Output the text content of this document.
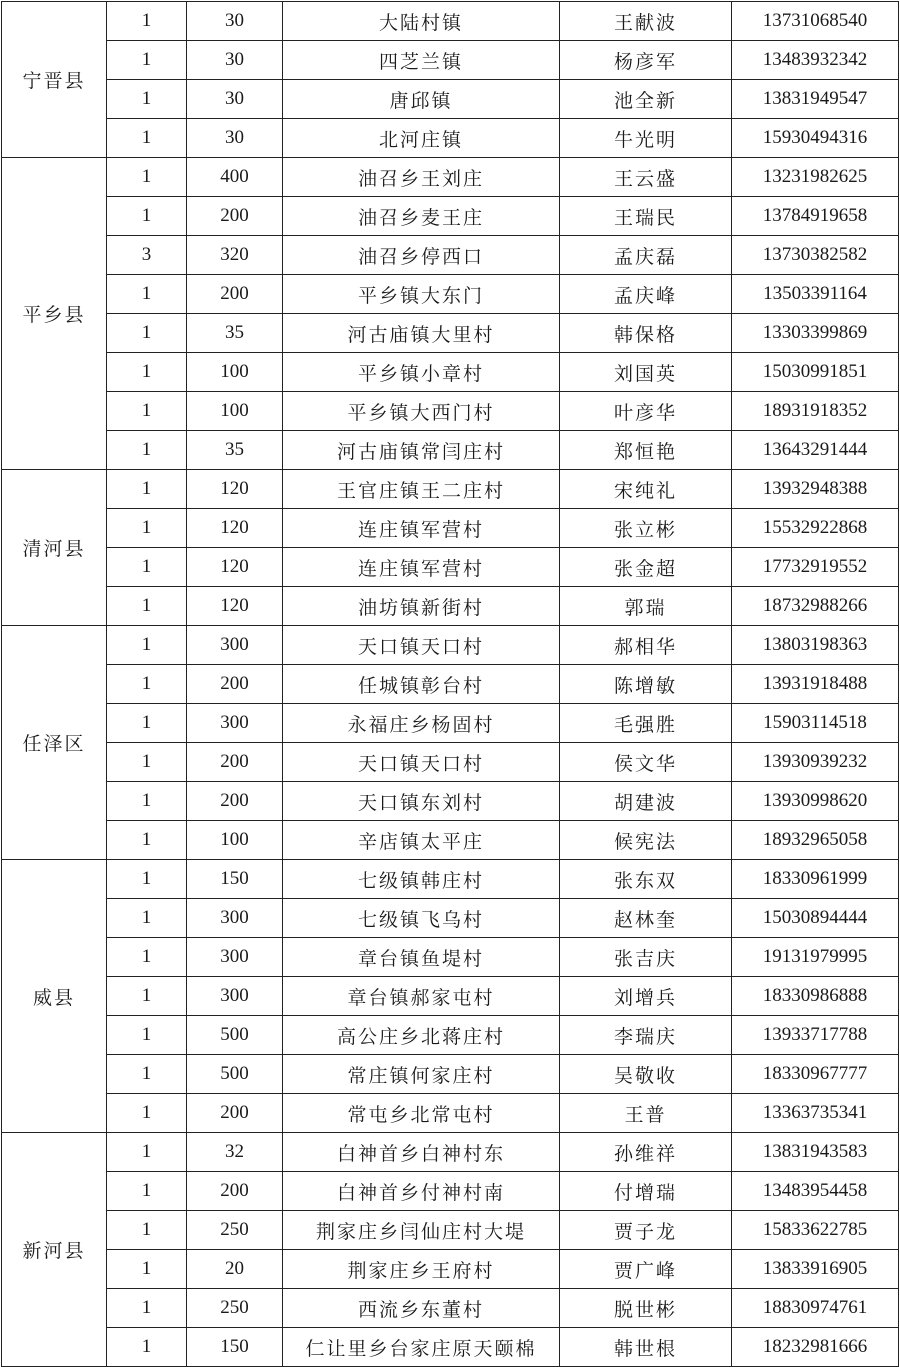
宁晋县	1	30	大陆村镇	王献波	13731068540
	1	30	四芝兰镇	杨彦军	13483932342
	1	30	唐邱镇	池全新	13831949547
	1	30	北河庄镇	牛光明	15930494316
平乡县	1	400	油召乡王刘庄	王云盛	13231982625
	1	200	油召乡麦王庄	王瑞民	13784919658
	3	320	油召乡停西口	孟庆磊	13730382582
	1	200	平乡镇大东门	孟庆峰	13503391164
	1	35	河古庙镇大里村	韩保格	13303399869
	1	100	平乡镇小章村	刘国英	15030991851
	1	100	平乡镇大西门村	叶彦华	18931918352
	1	35	河古庙镇常闫庄村	郑恒艳	13643291444
清河县	1	120	王官庄镇王二庄村	宋纯礼	13932948388
	1	120	连庄镇军营村	张立彬	15532922868
	1	120	连庄镇军营村	张金超	17732919552
	1	120	油坊镇新街村	郭瑞	18732988266
任泽区	1	300	天口镇天口村	郝相华	13803198363
	1	200	任城镇彰台村	陈增敏	13931918488
	1	300	永福庄乡杨固村	毛强胜	15903114518
	1	200	天口镇天口村	侯文华	13930939232
	1	200	天口镇东刘村	胡建波	13930998620
	1	100	辛店镇太平庄	候宪法	18932965058
威县	1	150	七级镇韩庄村	张东双	18330961999
	1	300	七级镇飞乌村	赵林奎	15030894444
	1	300	章台镇鱼堤村	张吉庆	19131979995
	1	300	章台镇郝家屯村	刘增兵	18330986888
	1	500	高公庄乡北蒋庄村	李瑞庆	13933717788
	1	500	常庄镇何家庄村	吴敬收	18330967777
	1	200	常屯乡北常屯村	王普	13363735341
新河县	1	32	白神首乡白神村东	孙维祥	13831943583
	1	200	白神首乡付神村南	付增瑞	13483954458
	1	250	荆家庄乡闫仙庄村大堤	贾子龙	15833622785
	1	20	荆家庄乡王府村	贾广峰	13833916905
	1	250	西流乡东董村	脱世彬	18830974761
	1	150	仁让里乡台家庄原天颐棉	韩世根	18232981666
